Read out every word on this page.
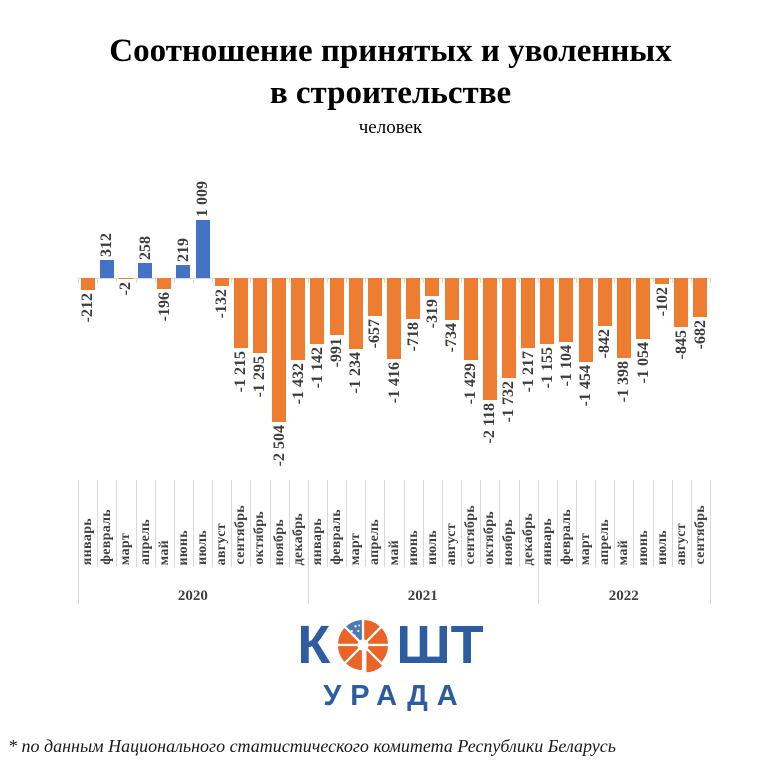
Соотношение принятых и уволенных
в строительстве
человек
К ШТ
УРАДА
* по данным Национального статистического комитета Республики Беларусь
-212
январь
312
февраль
-2
март
258
апрель
-196
май
219
июнь
1 009
июль
-132
август
-1 215
сентябрь
-1 295
октябрь
-2 504
ноябрь
-1 432
декабрь
-1 142
январь
-991
февраль
-1 234
март
-657
апрель
-1 416
май
-718
июнь
-319
июль
-734
август
-1 429
сентябрь
-2 118
октябрь
-1 732
ноябрь
-1 217
декабрь
-1 155
январь
-1 104
февраль
-1 454
март
-842
апрель
-1 398
май
-1 054
июнь
-102
июль
-845
август
-682
сентябрь
2020	2021	2022
